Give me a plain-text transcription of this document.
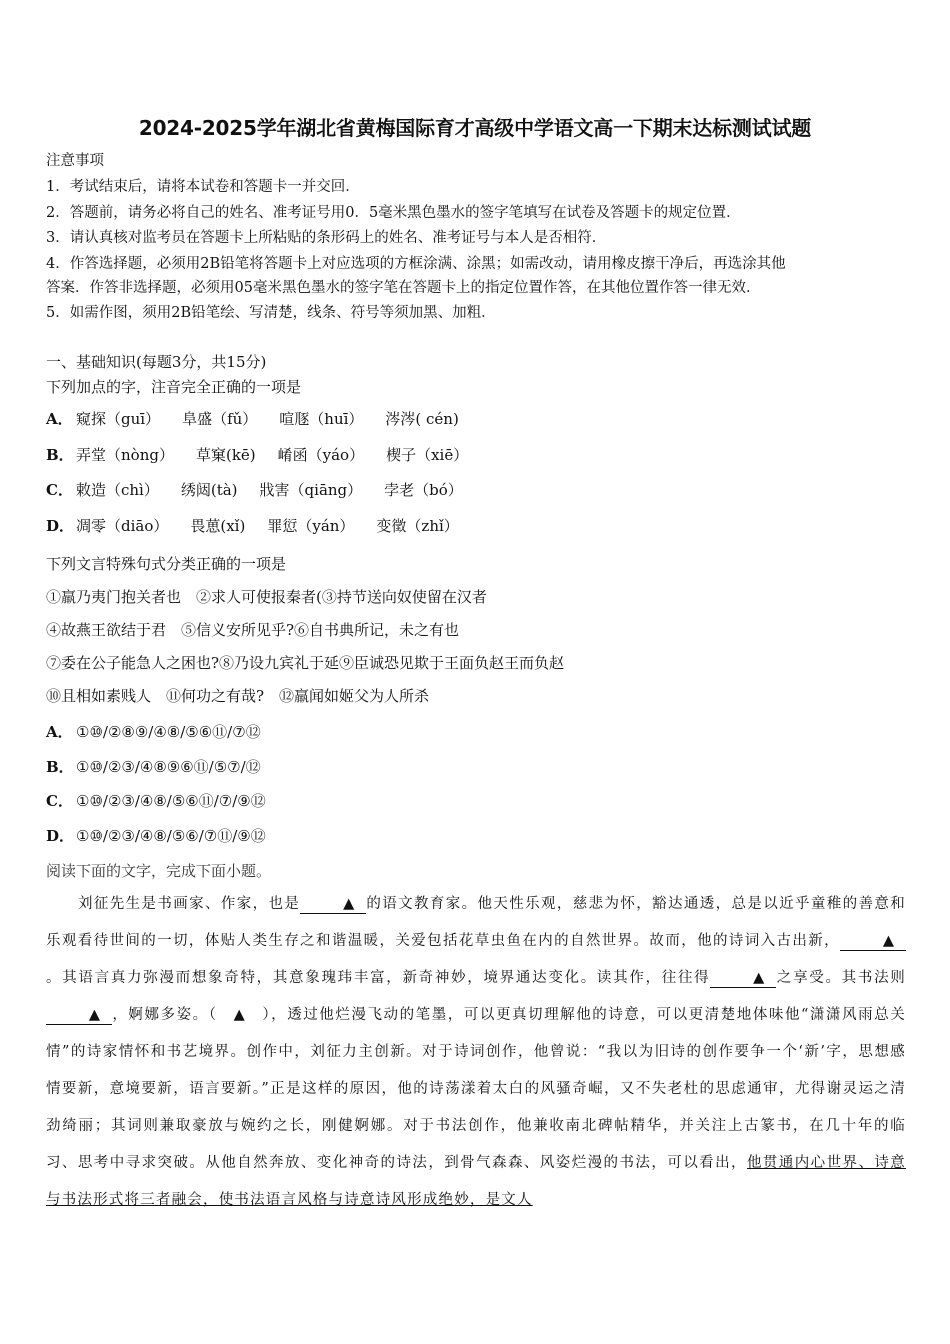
2024-2025学年湖北省黄梅国际育才高级中学语文高一下期末达标测试试题
注意事项
1．考试结束后，请将本试卷和答题卡一并交回．
2．答题前，请务必将自己的姓名、准考证号用0．5毫米黑色墨水的签字笔填写在试卷及答题卡的规定位置．
3．请认真核对监考员在答题卡上所粘贴的条形码上的姓名、准考证号与本人是否相符．
4．作答选择题，必须用2B铅笔将答题卡上对应选项的方框涂满、涂黑；如需改动，请用橡皮擦干净后，再选涂其他
答案．作答非选择题，必须用05毫米黑色墨水的签字笔在答题卡上的指定位置作答，在其他位置作答一律无效．
5．如需作图，须用2B铅笔绘、写清楚，线条、符号等须加黑、加粗．
一、基础知识(每题3分，共15分)
下列加点的字，注音完全正确的一项是
A． 窥探（guī） 阜盛（fǔ） 喧豗（huī） 涔涔( cén)
B． 弄堂（nòng） 草窠(kē) 崤函（yáo） 楔子（xiē）
C． 敕造（chì） 绣闼(tà) 戕害（qiāng） 孛老（bó）
D． 凋零（diāo） 畏葸(xǐ) 罪愆（yán） 变徵（zhǐ）
下列文言特殊句式分类正确的一项是
①羸乃夷门抱关者也　②求人可使报秦者(③持节送向奴使留在汉者
④故燕王欲结于君　⑤信义安所见乎?⑥自书典所记，未之有也
⑦委在公子能急人之困也?⑧乃设九宾礼于延⑨臣诚恐见欺于王面负赵王而负赵
⑩且相如素贱人　⑪何功之有哉?　⑫羸闻如姬父为人所杀
A． ①⑩/②⑧⑨/④⑧/⑤⑥⑪/⑦⑫
B． ①⑩/②③/④⑧⑨⑥⑪/⑤⑦/⑫
C． ①⑩/②③/④⑧/⑤⑥⑪/⑦/⑨⑫
D． ①⑩/②③/④⑧/⑤⑥/⑦⑪/⑨⑫
阅读下面的文字，完成下面小题。
刘征先生是书画家、作家，也是	▲ 的语文教育家。他天性乐观，慈悲为怀，豁达通透，总是以近乎童稚的善意和乐观看待世间的一切，体贴人类生存之和谐温暖，关爱包括花草虫鱼在内的自然世界。故而，他的诗词入古出新，	▲。其语言真力弥漫而想象奇特，其意象瑰玮丰富，新奇神妙，境界通达变化。读其作，往往得	▲ 之享受。其书法则▲ ，婀娜多姿。（　▲　），透过他烂漫飞动的笔墨，可以更真切理解他的诗意，可以更清楚地体味他“潇潇风雨总关情”的诗家情怀和书艺境界。创作中，刘征力主创新。对于诗词创作，他曾说：“我以为旧诗的创作要争一个‘新’字，思想感情要新，意境要新，语言要新。”正是这样的原因，他的诗荡漾着太白的风骚奇崛，又不失老杜的思虑通审，尤得谢灵运之清劲绮丽；其词则兼取豪放与婉约之长，刚健婀娜。对于书法创作，他兼收南北碑帖精华，并关注上古篆书，在几十年的临习、思考中寻求突破。从他自然奔放、变化神奇的诗法，到骨气森森、风姿烂漫的书法，可以看出，他贯通内心世界、诗意与书法形式将三者融会，使书法语言风格与诗意诗风形成绝妙，是文人
